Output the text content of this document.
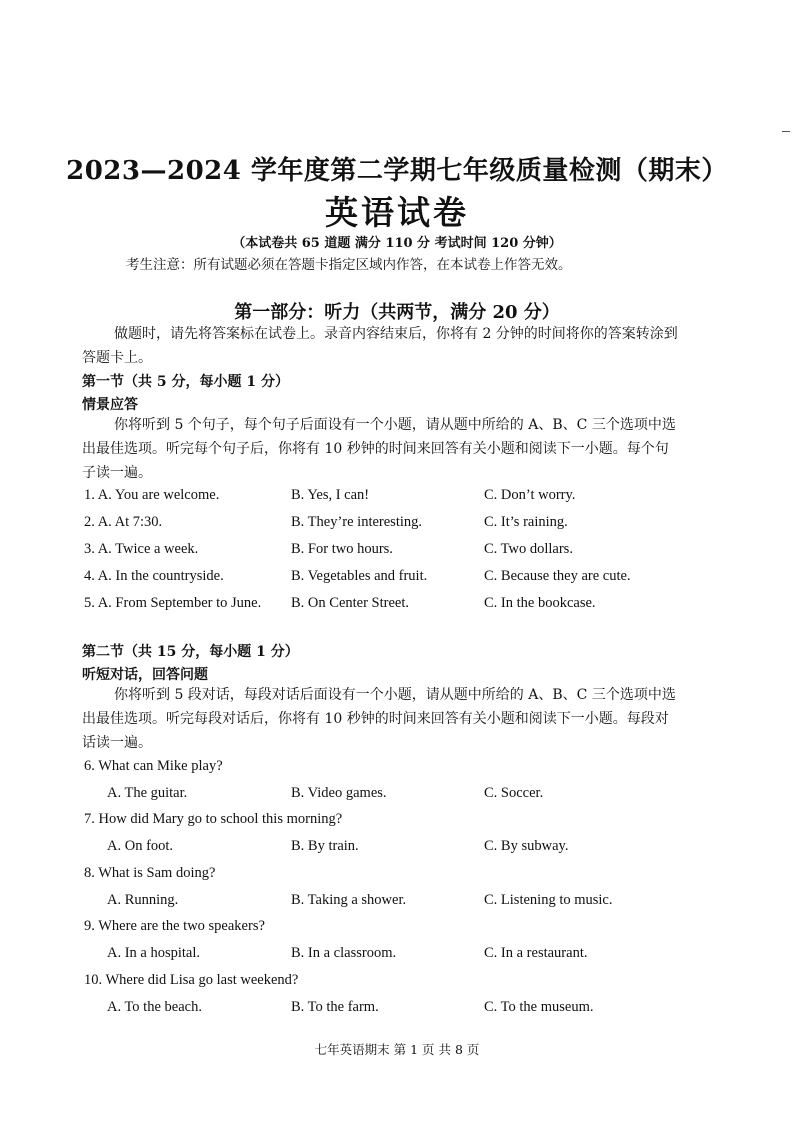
2023—2024 学年度第二学期七年级质量检测（期末）
英语试卷
（本试卷共 65 道题 满分 110 分 考试时间 120 分钟）
考生注意：所有试题必须在答题卡指定区域内作答，在本试卷上作答无效。
第一部分：听力（共两节，满分 20 分）
做题时，请先将答案标在试卷上。录音内容结束后，你将有 2 分钟的时间将你的答案转涂到答题卡上。
第一节（共 5 分，每小题 1 分）
情景应答
你将听到 5 个句子，每个句子后面设有一个小题，请从题中所给的 A、B、C 三个选项中选出最佳选项。听完每个句子后，你将有 10 秒钟的时间来回答有关小题和阅读下一小题。每个句子读一遍。
1. A. You are welcome.	B. Yes, I can!	C. Don’t worry.
2. A. At 7:30.	B. They’re interesting.	C. It’s raining.
3. A. Twice a week.	B. For two hours.	C. Two dollars.
4. A. In the countryside.	B. Vegetables and fruit.	C. Because they are cute.
5. A. From September to June. B. On Center Street.	C. In the bookcase.
第二节（共 15 分，每小题 1 分）
听短对话，回答问题
你将听到 5 段对话，每段对话后面设有一个小题，请从题中所给的 A、B、C 三个选项中选出最佳选项。听完每段对话后，你将有 10 秒钟的时间来回答有关小题和阅读下一小题。每段对话读一遍。
6. What can Mike play?
A. The guitar.	B. Video games.	C. Soccer.
7. How did Mary go to school this morning?
A. On foot.	B. By train.	C. By subway.
8. What is Sam doing?
A. Running.	B. Taking a shower.	C. Listening to music.
9. Where are the two speakers?
A. In a hospital.	B. In a classroom.	C. In a restaurant.
10. Where did Lisa go last weekend?
A. To the beach.	B. To the farm.	C. To the museum.
七年英语期末 第 1 页 共 8 页
